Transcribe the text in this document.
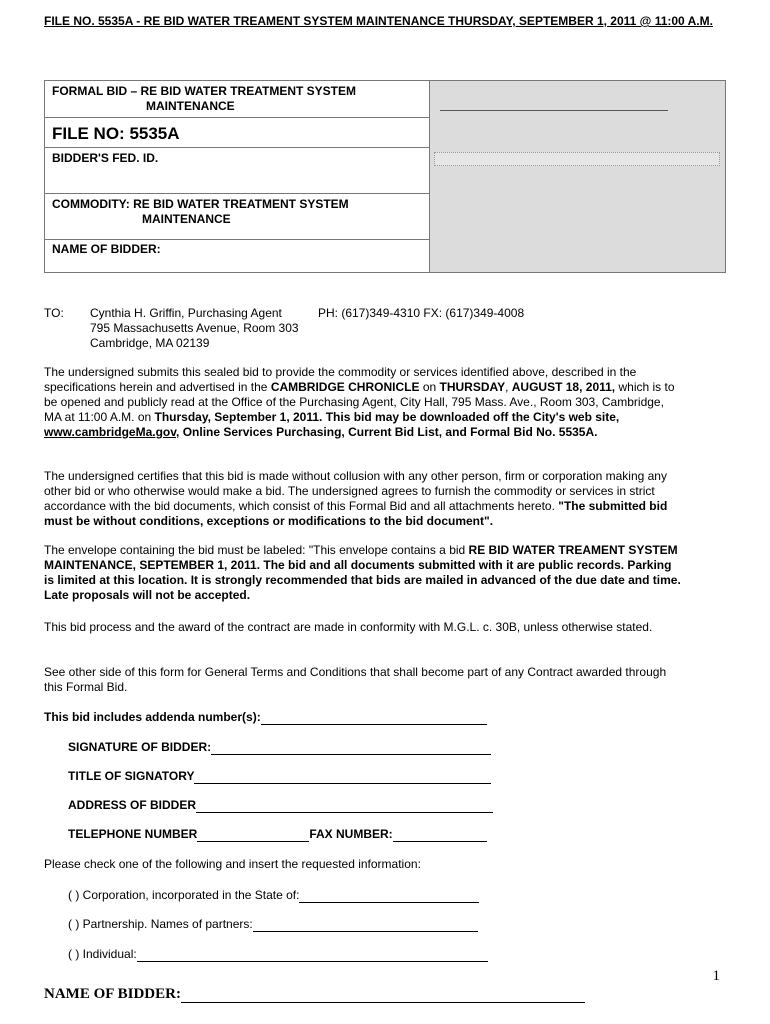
FILE NO. 5535A - RE BID WATER TREAMENT SYSTEM MAINTENANCE THURSDAY, SEPTEMBER 1, 2011 @ 11:00 A.M.
FORMAL BID – RE BID WATER TREATMENT SYSTEM
MAINTENANCE
FILE NO: 5535A
BIDDER'S FED. ID.
COMMODITY: RE BID WATER TREATMENT SYSTEM
MAINTENANCE
NAME OF BIDDER:
TO: Cynthia H. Griffin, Purchasing Agent	PH: (617)349-4310 FX: (617)349-4008
795 Massachusetts Avenue, Room 303
Cambridge, MA 02139

The undersigned submits this sealed bid to provide the commodity or services identified above, described in the specifications herein and advertised in the CAMBRIDGE CHRONICLE on THURSDAY, AUGUST 18, 2011, which is to be opened and publicly read at the Office of the Purchasing Agent, City Hall, 795 Mass. Ave., Room 303, Cambridge, MA at 11:00 A.M. on Thursday, September 1, 2011. This bid may be downloaded off the City's web site, www.cambridgeMa.gov, Online Services Purchasing, Current Bid List, and Formal Bid No. 5535A.

The undersigned certifies that this bid is made without collusion with any other person, firm or corporation making any other bid or who otherwise would make a bid. The undersigned agrees to furnish the commodity or services in strict accordance with the bid documents, which consist of this Formal Bid and all attachments hereto. "The submitted bid must be without conditions, exceptions or modifications to the bid document".

The envelope containing the bid must be labeled: "This envelope contains a bid RE BID WATER TREAMENT SYSTEM MAINTENANCE, SEPTEMBER 1, 2011. The bid and all documents submitted with it are public records. Parking is limited at this location. It is strongly recommended that bids are mailed in advanced of the due date and time. Late proposals will not be accepted.

This bid process and the award of the contract are made in conformity with M.G.L. c. 30B, unless otherwise stated.

See other side of this form for General Terms and Conditions that shall become part of any Contract awarded through this Formal Bid.

This bid includes addenda number(s):
SIGNATURE OF BIDDER:
TITLE OF SIGNATORY
ADDRESS OF BIDDER
TELEPHONE NUMBER	FAX NUMBER:
Please check one of the following and insert the requested information:
( ) Corporation, incorporated in the State of:
( ) Partnership. Names of partners:
( ) Individual:
1
NAME OF BIDDER:
